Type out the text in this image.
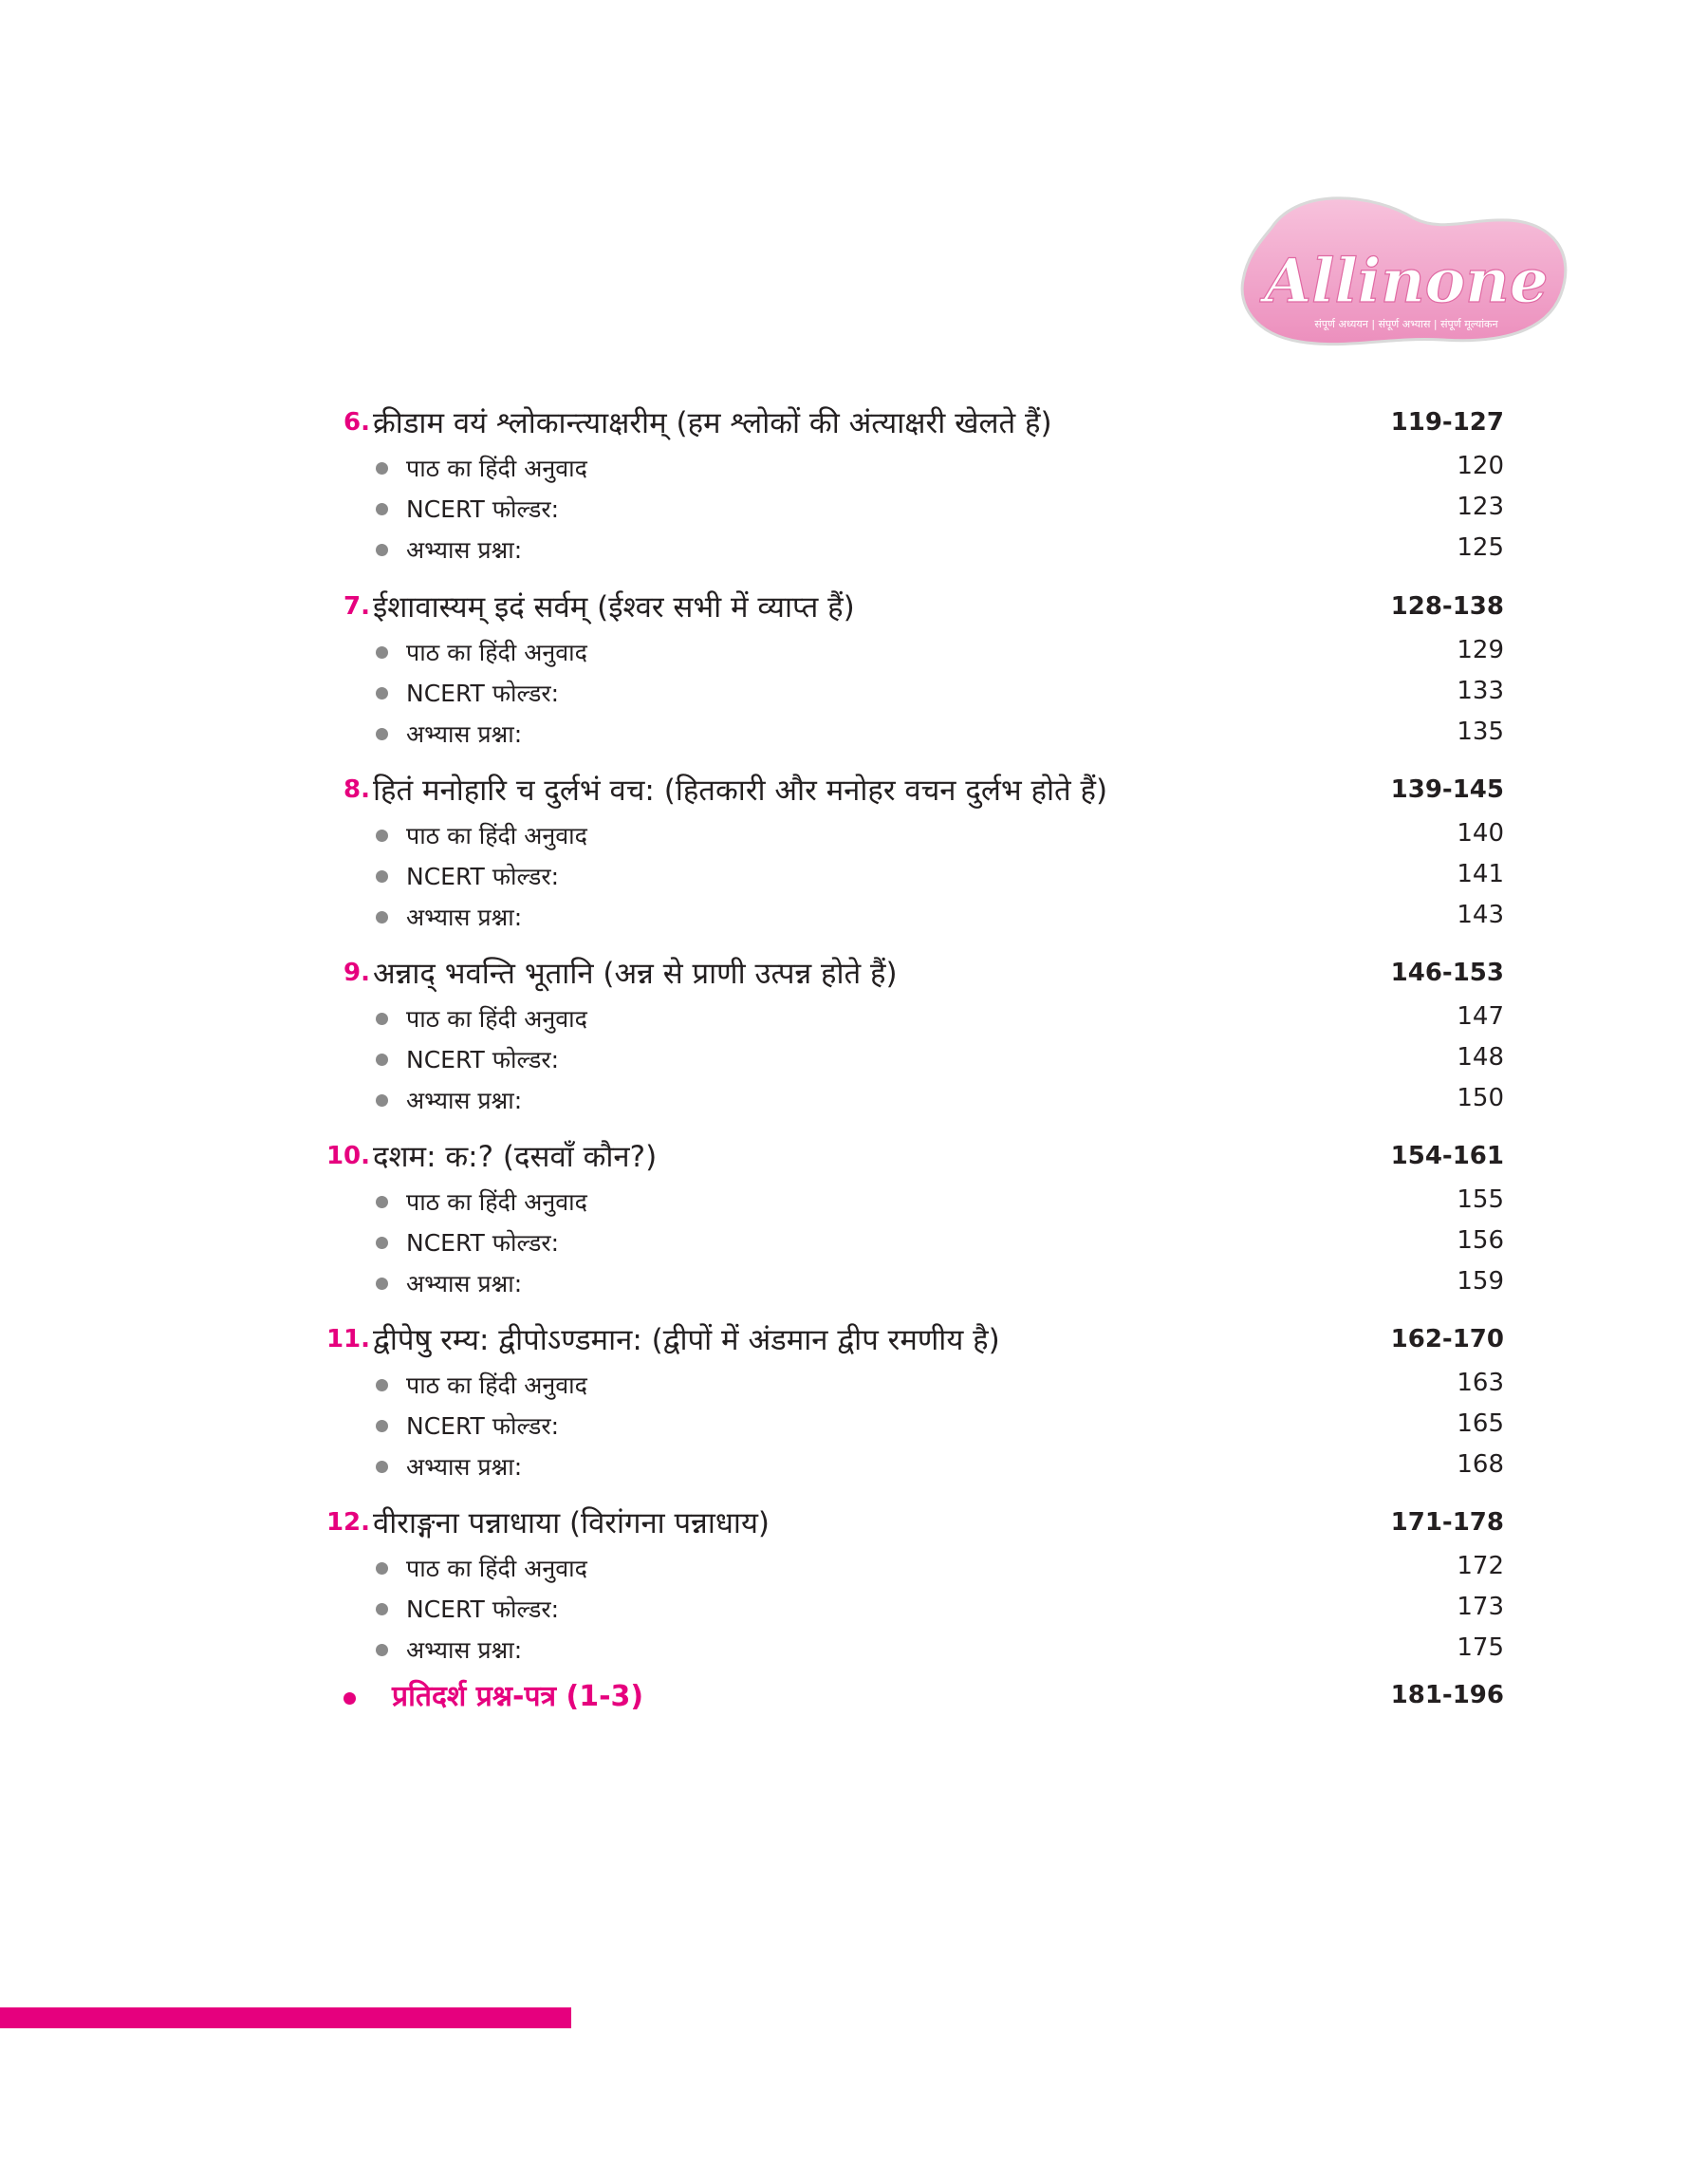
Allinone
संपूर्ण अध्ययन | संपूर्ण अभ्यास | संपूर्ण मूल्यांकन
6. क्रीडाम वयं श्लोकान्त्याक्षरीम् (हम श्लोकों की अंत्याक्षरी खेलते हैं)	119-127
पाठ का हिंदी अनुवाद	120
NCERT फोल्डर:	123
अभ्यास प्रश्ना:	125
7. ईशावास्यम् इदं सर्वम् (ईश्वर सभी में व्याप्त हैं)	128-138
पाठ का हिंदी अनुवाद	129
NCERT फोल्डर:	133
अभ्यास प्रश्ना:	135
8. हितं मनोहारि च दुर्लभं वच: (हितकारी और मनोहर वचन दुर्लभ होते हैं)	139-145
पाठ का हिंदी अनुवाद	140
NCERT फोल्डर:	141
अभ्यास प्रश्ना:	143
9. अन्नाद् भवन्ति भूतानि (अन्न से प्राणी उत्पन्न होते हैं)	146-153
पाठ का हिंदी अनुवाद	147
NCERT फोल्डर:	148
अभ्यास प्रश्ना:	150
10. दशम: क:? (दसवाँ कौन?)	154-161
पाठ का हिंदी अनुवाद	155
NCERT फोल्डर:	156
अभ्यास प्रश्ना:	159
11. द्वीपेषु रम्य: द्वीपोऽण्डमान: (द्वीपों में अंडमान द्वीप रमणीय है)	162-170
पाठ का हिंदी अनुवाद	163
NCERT फोल्डर:	165
अभ्यास प्रश्ना:	168
12. वीराङ्गना पन्नाधाया (विरांगना पन्नाधाय)	171-178
पाठ का हिंदी अनुवाद	172
NCERT फोल्डर:	173
अभ्यास प्रश्ना:	175
प्रतिदर्श प्रश्न-पत्र (1-3)	181-196
